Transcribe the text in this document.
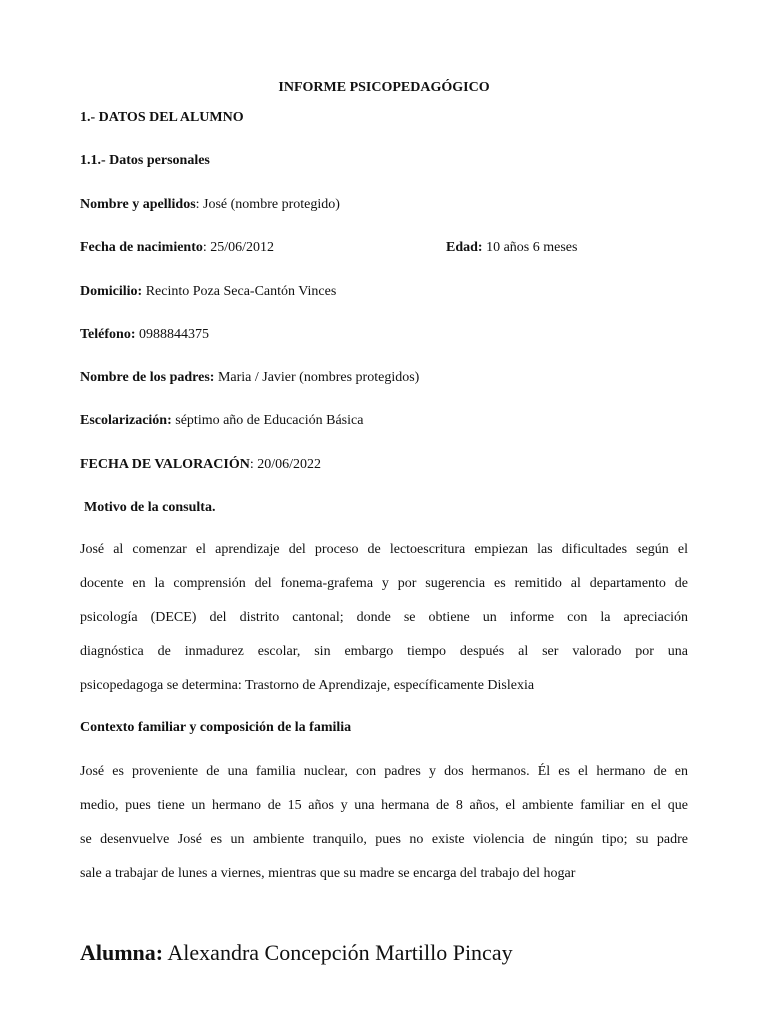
INFORME PSICOPEDAGÓGICO
1.- DATOS DEL ALUMNO
1.1.- Datos personales
Nombre y apellidos: José (nombre protegido)
Fecha de nacimiento: 25/06/2012	Edad: 10 años 6 meses
Domicilio: Recinto Poza Seca-Cantón Vinces
Teléfono: 0988844375
Nombre de los padres: Maria / Javier (nombres protegidos)
Escolarización: séptimo año de Educación Básica
FECHA DE VALORACIÓN: 20/06/2022
Motivo de la consulta.
José al comenzar el aprendizaje del proceso de lectoescritura empiezan las dificultades según el
docente en la comprensión del fonema-grafema y por sugerencia es remitido al departamento de
psicología (DECE) del distrito cantonal; donde se obtiene un informe con la apreciación
diagnóstica de inmadurez escolar, sin embargo tiempo después al ser valorado por una
psicopedagoga se determina: Trastorno de Aprendizaje, específicamente Dislexia
Contexto familiar y composición de la familia
José es proveniente de una familia nuclear, con padres y dos hermanos. Él es el hermano de en
medio, pues tiene un hermano de 15 años y una hermana de 8 años, el ambiente familiar en el que
se desenvuelve José es un ambiente tranquilo, pues no existe violencia de ningún tipo; su padre
sale a trabajar de lunes a viernes, mientras que su madre se encarga del trabajo del hogar
Alumna: Alexandra Concepción Martillo Pincay
